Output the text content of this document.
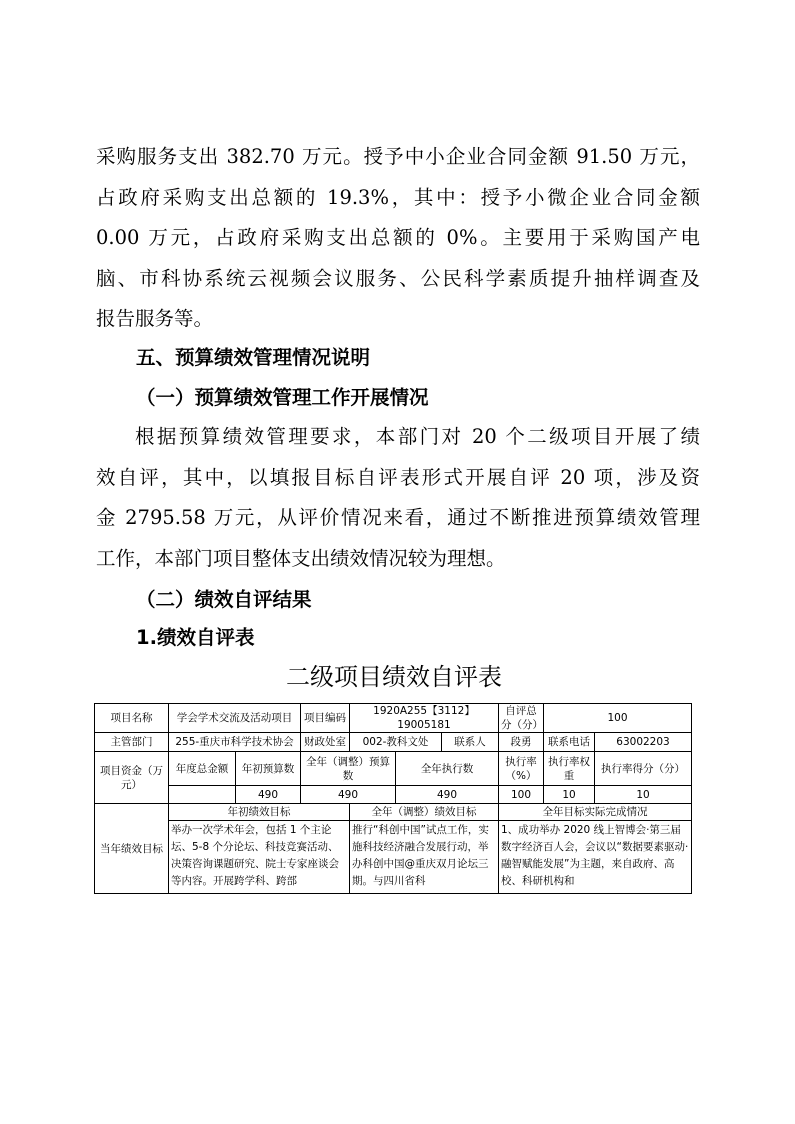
采购服务支出 382.70 万元。授予中小企业合同金额 91.50 万元，
占政府采购支出总额的 19.3%，其中：授予小微企业合同金额
0.00 万元，占政府采购支出总额的 0%。主要用于采购国产电
脑、市科协系统云视频会议服务、公民科学素质提升抽样调查及
报告服务等。

五、预算绩效管理情况说明
（一）预算绩效管理工作开展情况

根据预算绩效管理要求，本部门对 20 个二级项目开展了绩
效自评，其中，以填报目标自评表形式开展自评 20 项，涉及资
金 2795.58 万元，从评价情况来看，通过不断推进预算绩效管理
工作，本部门项目整体支出绩效情况较为理想。

（二）绩效自评结果
1.绩效自评表
二级项目绩效自评表
项目名称	学会学术交流及活动项目		项目编码	1920A255【3112】19005181			自评总分（分）	100	
主管部门	255-重庆市科学技术协会		财政处室	002-教科文处		联系人	段勇	联系电话	63002203
项目资金（万元）	年度总金额	年初预算数	全年（调整）预算数		全年执行数		执行率（%）	执行率权重	执行率得分（分）
		490	490		490		100	10	10
当年绩效目标	年初绩效目标			全年（调整）绩效目标			全年目标实际完成情况		

	举办一次学术年会，包括 1 个主论坛、5-8 个分论坛、科技竞赛活动、决策咨询课题研究、院士专家座谈会等内容。开展跨学科、跨部			推行“科创中国”试点工作，实施科技经济融合发展行动，举办科创中国@重庆双月论坛三期。与四川省科			1、成功举办 2020 线上智博会·第三届数字经济百人会，会议以“数据要素驱动·融智赋能发展”为主题，来自政府、高校、科研机构和		
